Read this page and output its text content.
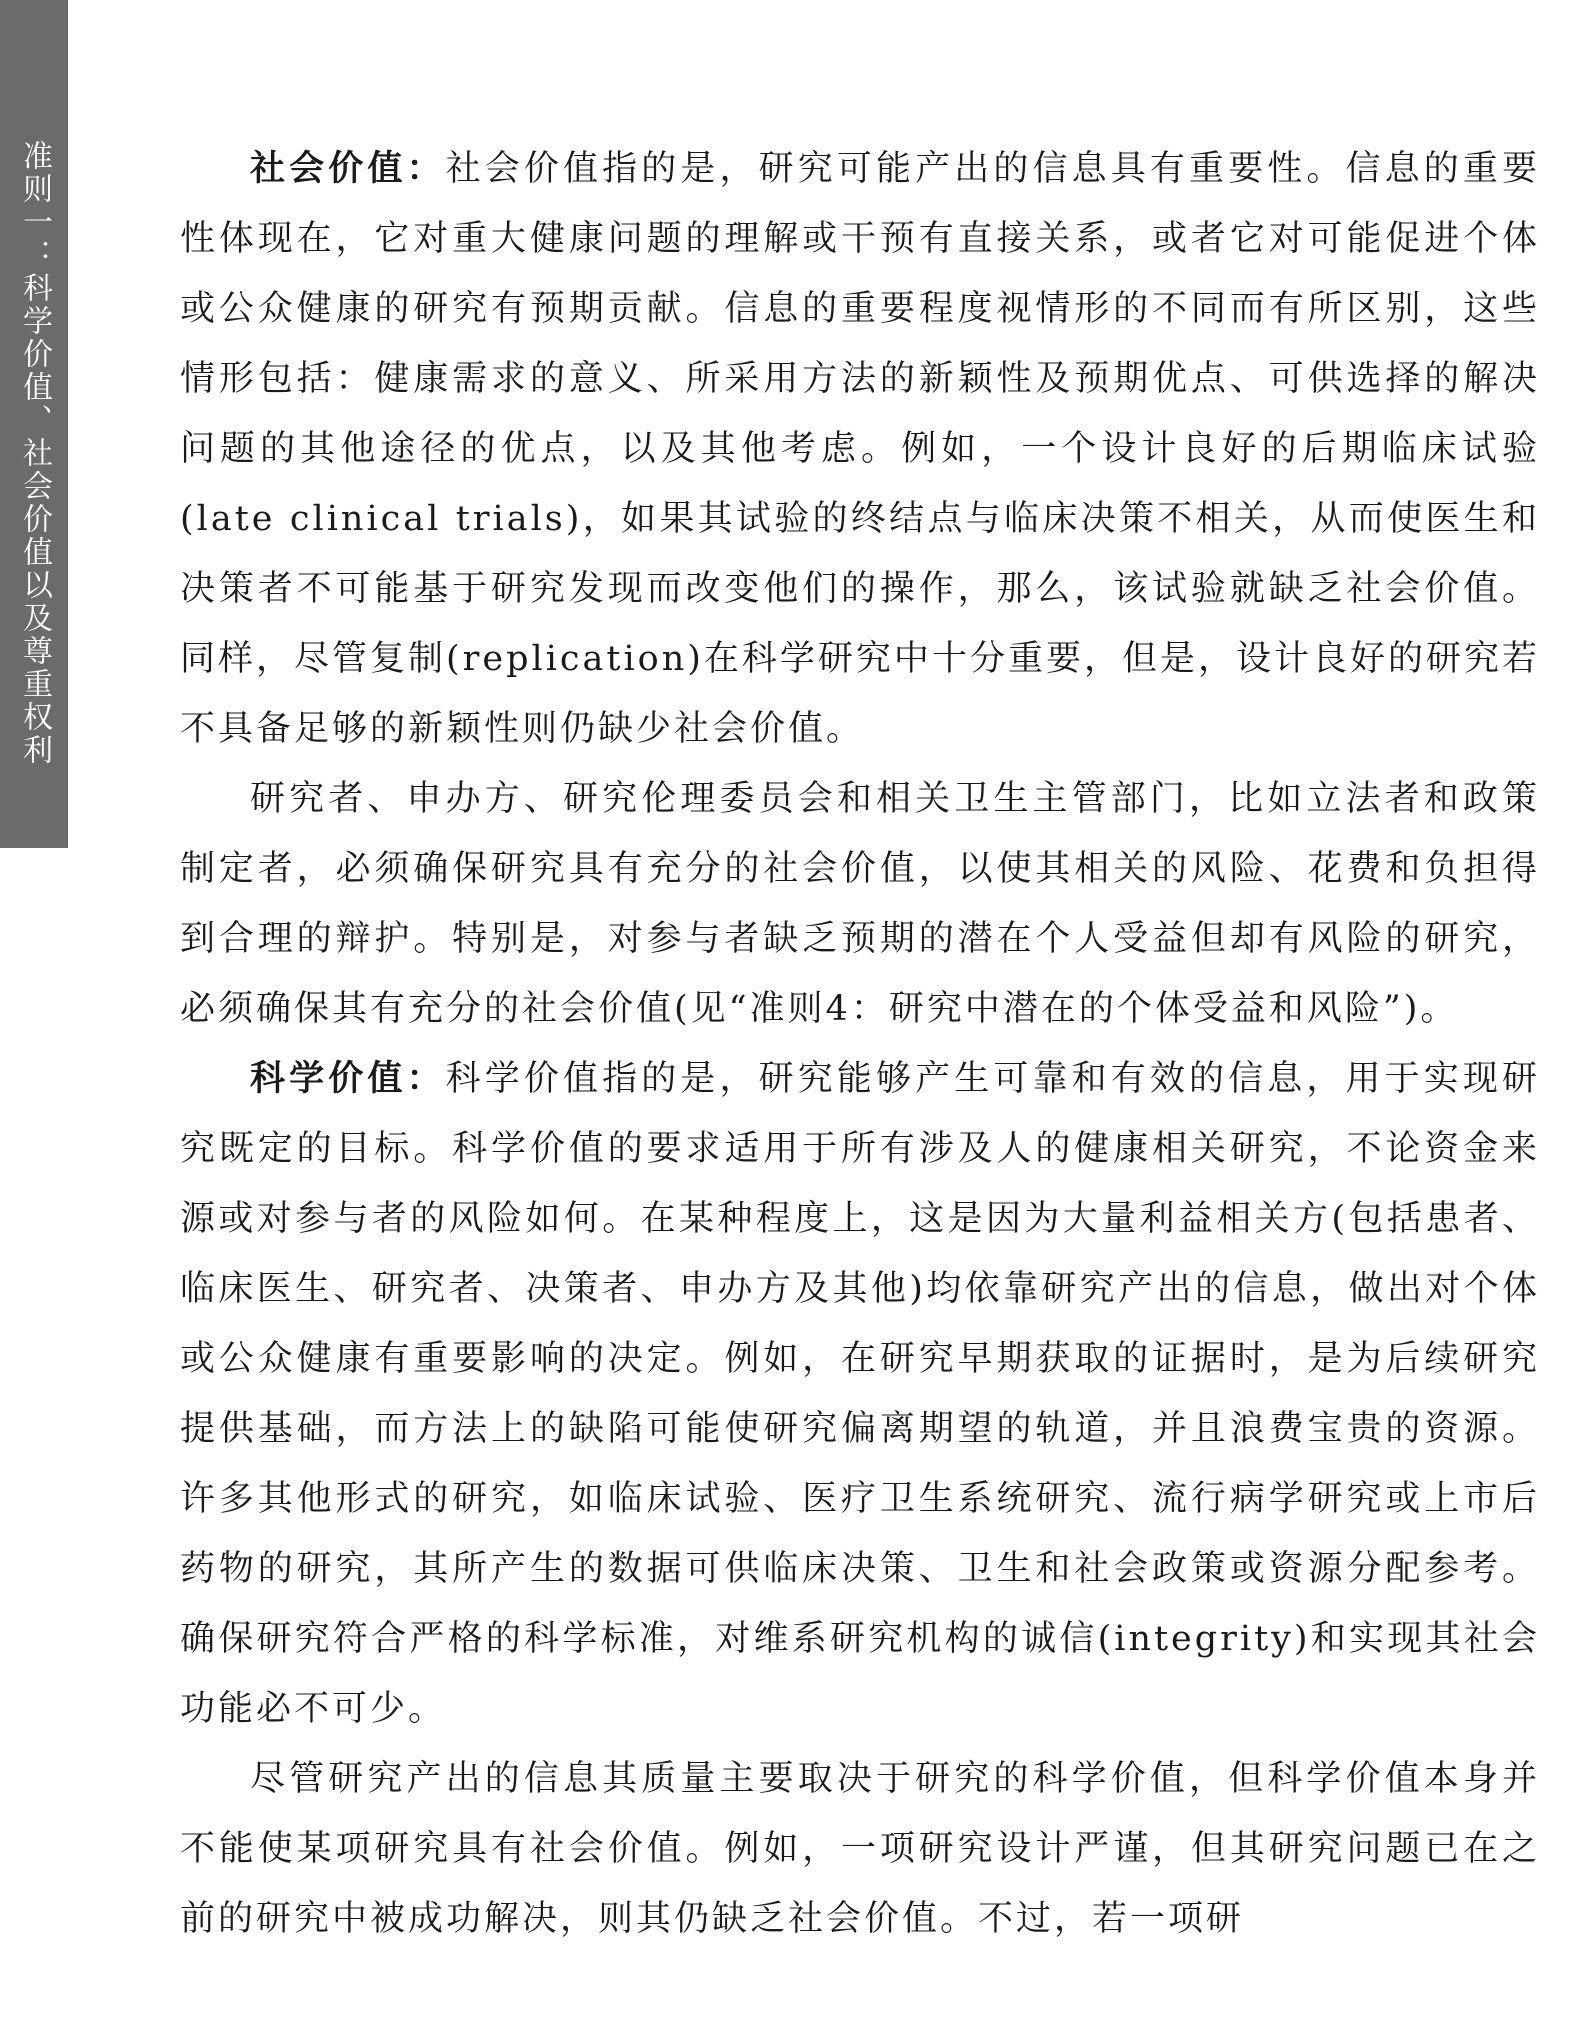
准则一：科学价值、社会价值以及尊重权利	社会价值：社会价值指的是，研究可能产出的信息具有重要性。信息的重要性体现在，它对重大健康问题的理解或干预有直接关系，或者它对可能促进个体或公众健康的研究有预期贡献。信息的重要程度视情形的不同而有所区别，这些情形包括：健康需求的意义、所采用方法的新颖性及预期优点、可供选择的解决问题的其他途径的优点，以及其他考虑。例如，一个设计良好的后期临床试验(late clinical trials)，如果其试验的终结点与临床决策不相关，从而使医生和决策者不可能基于研究发现而改变他们的操作，那么，该试验就缺乏社会价值。同样，尽管复制(replication)在科学研究中十分重要，但是，设计良好的研究若不具备足够的新颖性则仍缺少社会价值。

研究者、申办方、研究伦理委员会和相关卫生主管部门，比如立法者和政策制定者，必须确保研究具有充分的社会价值，以使其相关的风险、花费和负担得到合理的辩护。特别是，对参与者缺乏预期的潜在个人受益但却有风险的研究，必须确保其有充分的社会价值(见“准则4：研究中潜在的个体受益和风险”)。

科学价值：科学价值指的是，研究能够产生可靠和有效的信息，用于实现研究既定的目标。科学价值的要求适用于所有涉及人的健康相关研究，不论资金来源或对参与者的风险如何。在某种程度上，这是因为大量利益相关方(包括患者、临床医生、研究者、决策者、申办方及其他)均依靠研究产出的信息，做出对个体或公众健康有重要影响的决定。例如，在研究早期获取的证据时，是为后续研究提供基础，而方法上的缺陷可能使研究偏离期望的轨道，并且浪费宝贵的资源。许多其他形式的研究，如临床试验、医疗卫生系统研究、流行病学研究或上市后药物的研究，其所产生的数据可供临床决策、卫生和社会政策或资源分配参考。确保研究符合严格的科学标准，对维系研究机构的诚信(integrity)和实现其社会功能必不可少。

尽管研究产出的信息其质量主要取决于研究的科学价值，但科学价值本身并不能使某项研究具有社会价值。例如，一项研究设计严谨，但其研究问题已在之前的研究中被成功解决，则其仍缺乏社会价值。不过，若一项研
